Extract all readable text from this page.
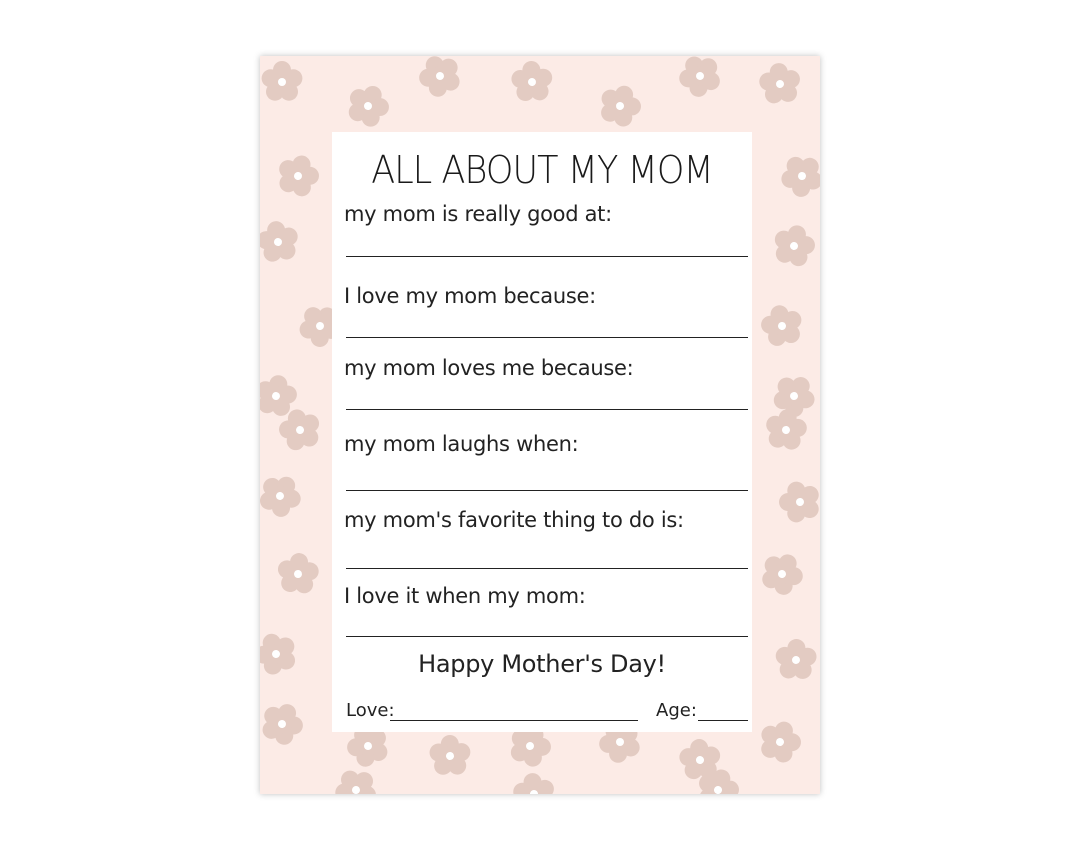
ALL ABOUT MY MOM
my mom is really good at:
I love my mom because:
my mom loves me because:
my mom laughs when:
my mom's favorite thing to do is:
I love it when my mom:
Happy Mother's Day!
Love:	Age:
